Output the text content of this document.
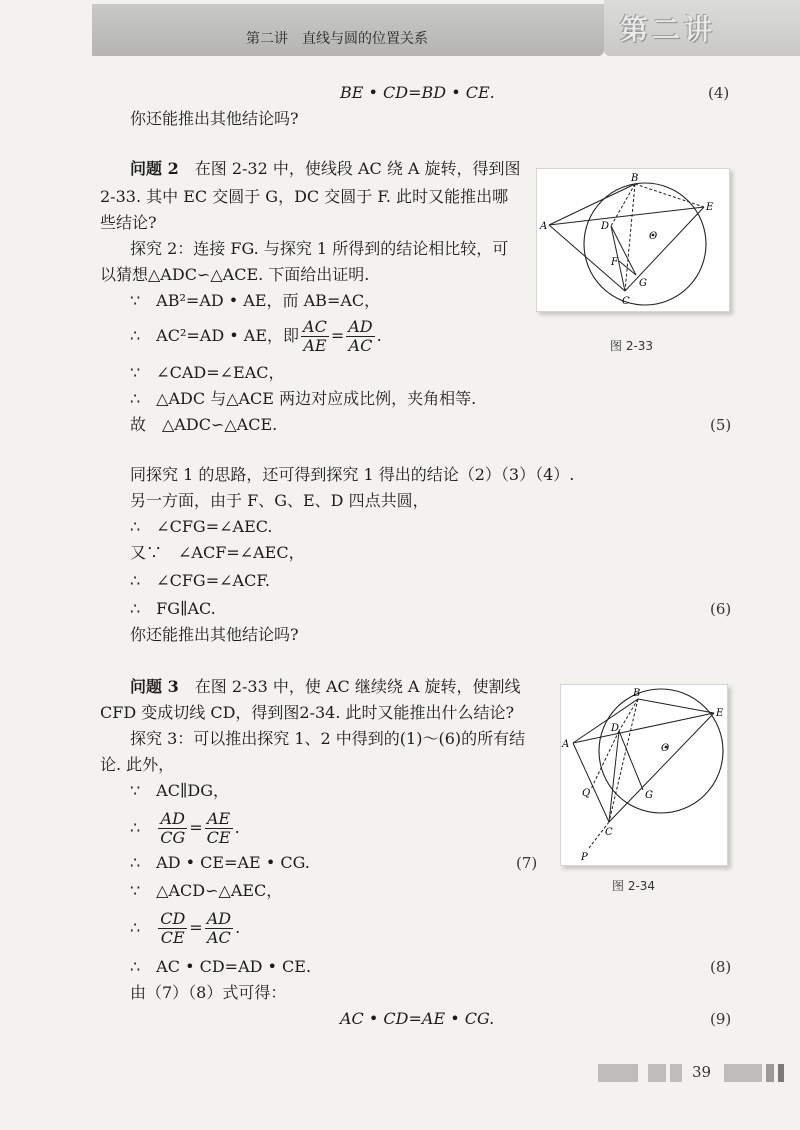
第二讲　直线与圆的位置关系	第二讲
BE • CD=BD • CE.	(4)
你还能推出其他结论吗?
问题 2　 在图 2-32 中，使线段 AC 绕 A 旋转，得到图
2-33. 其中 EC 交圆于 G，DC 交圆于 F. 此时又能推出哪
些结论?
探究 2：连接 FG. 与探究 1 所得到的结论相比较，可
以猜想△ADC∽△ACE. 下面给出证明.
∵　AB²=AD • AE，而 AB=AC，
∴　AC²=AD • AE，即 $\frac{AC}{AE} = \frac{AD}{AC}$ .
∵　∠CAD=∠EAC，
∴　△ADC 与△ACE 两边对应成比例，夹角相等.
故　△ADC∽△ACE.	(5)
同探究 1 的思路，还可得到探究 1 得出的结论（2）（3）（4）.
另一方面，由于 F、G、E、D 四点共圆，
∴　∠CFG=∠AEC.
又∵　∠ACF=∠AEC，
∴　∠CFG=∠ACF.
∴　FG∥AC.	(6)
你还能推出其他结论吗?
问题 3　 在图 2-33 中，使 AC 继续绕 A 旋转，使割线
CFD 变成切线 CD，得到图2-34. 此时又能推出什么结论?
探究 3：可以推出探究 1、2 中得到的(1)～(6)的所有结
论. 此外，
∵　AC∥DG，
∴　 $\frac{AD}{CG} = \frac{AE}{CE}$ .
∴　AD • CE=AE • CG.	(7)
∵　△ACD∽△AEC，
∴　 $\frac{CD}{CE} = \frac{AD}{AC}$ .
∴　AC • CD=AD • CE.	(8)
由（7）（8）式可得：
AC • CD=AE • CG.	(9)
A
B
C
D
E
F
G
O
图 2-33
A
B
C
D
E
G
O
P
Q
图 2-34
39
